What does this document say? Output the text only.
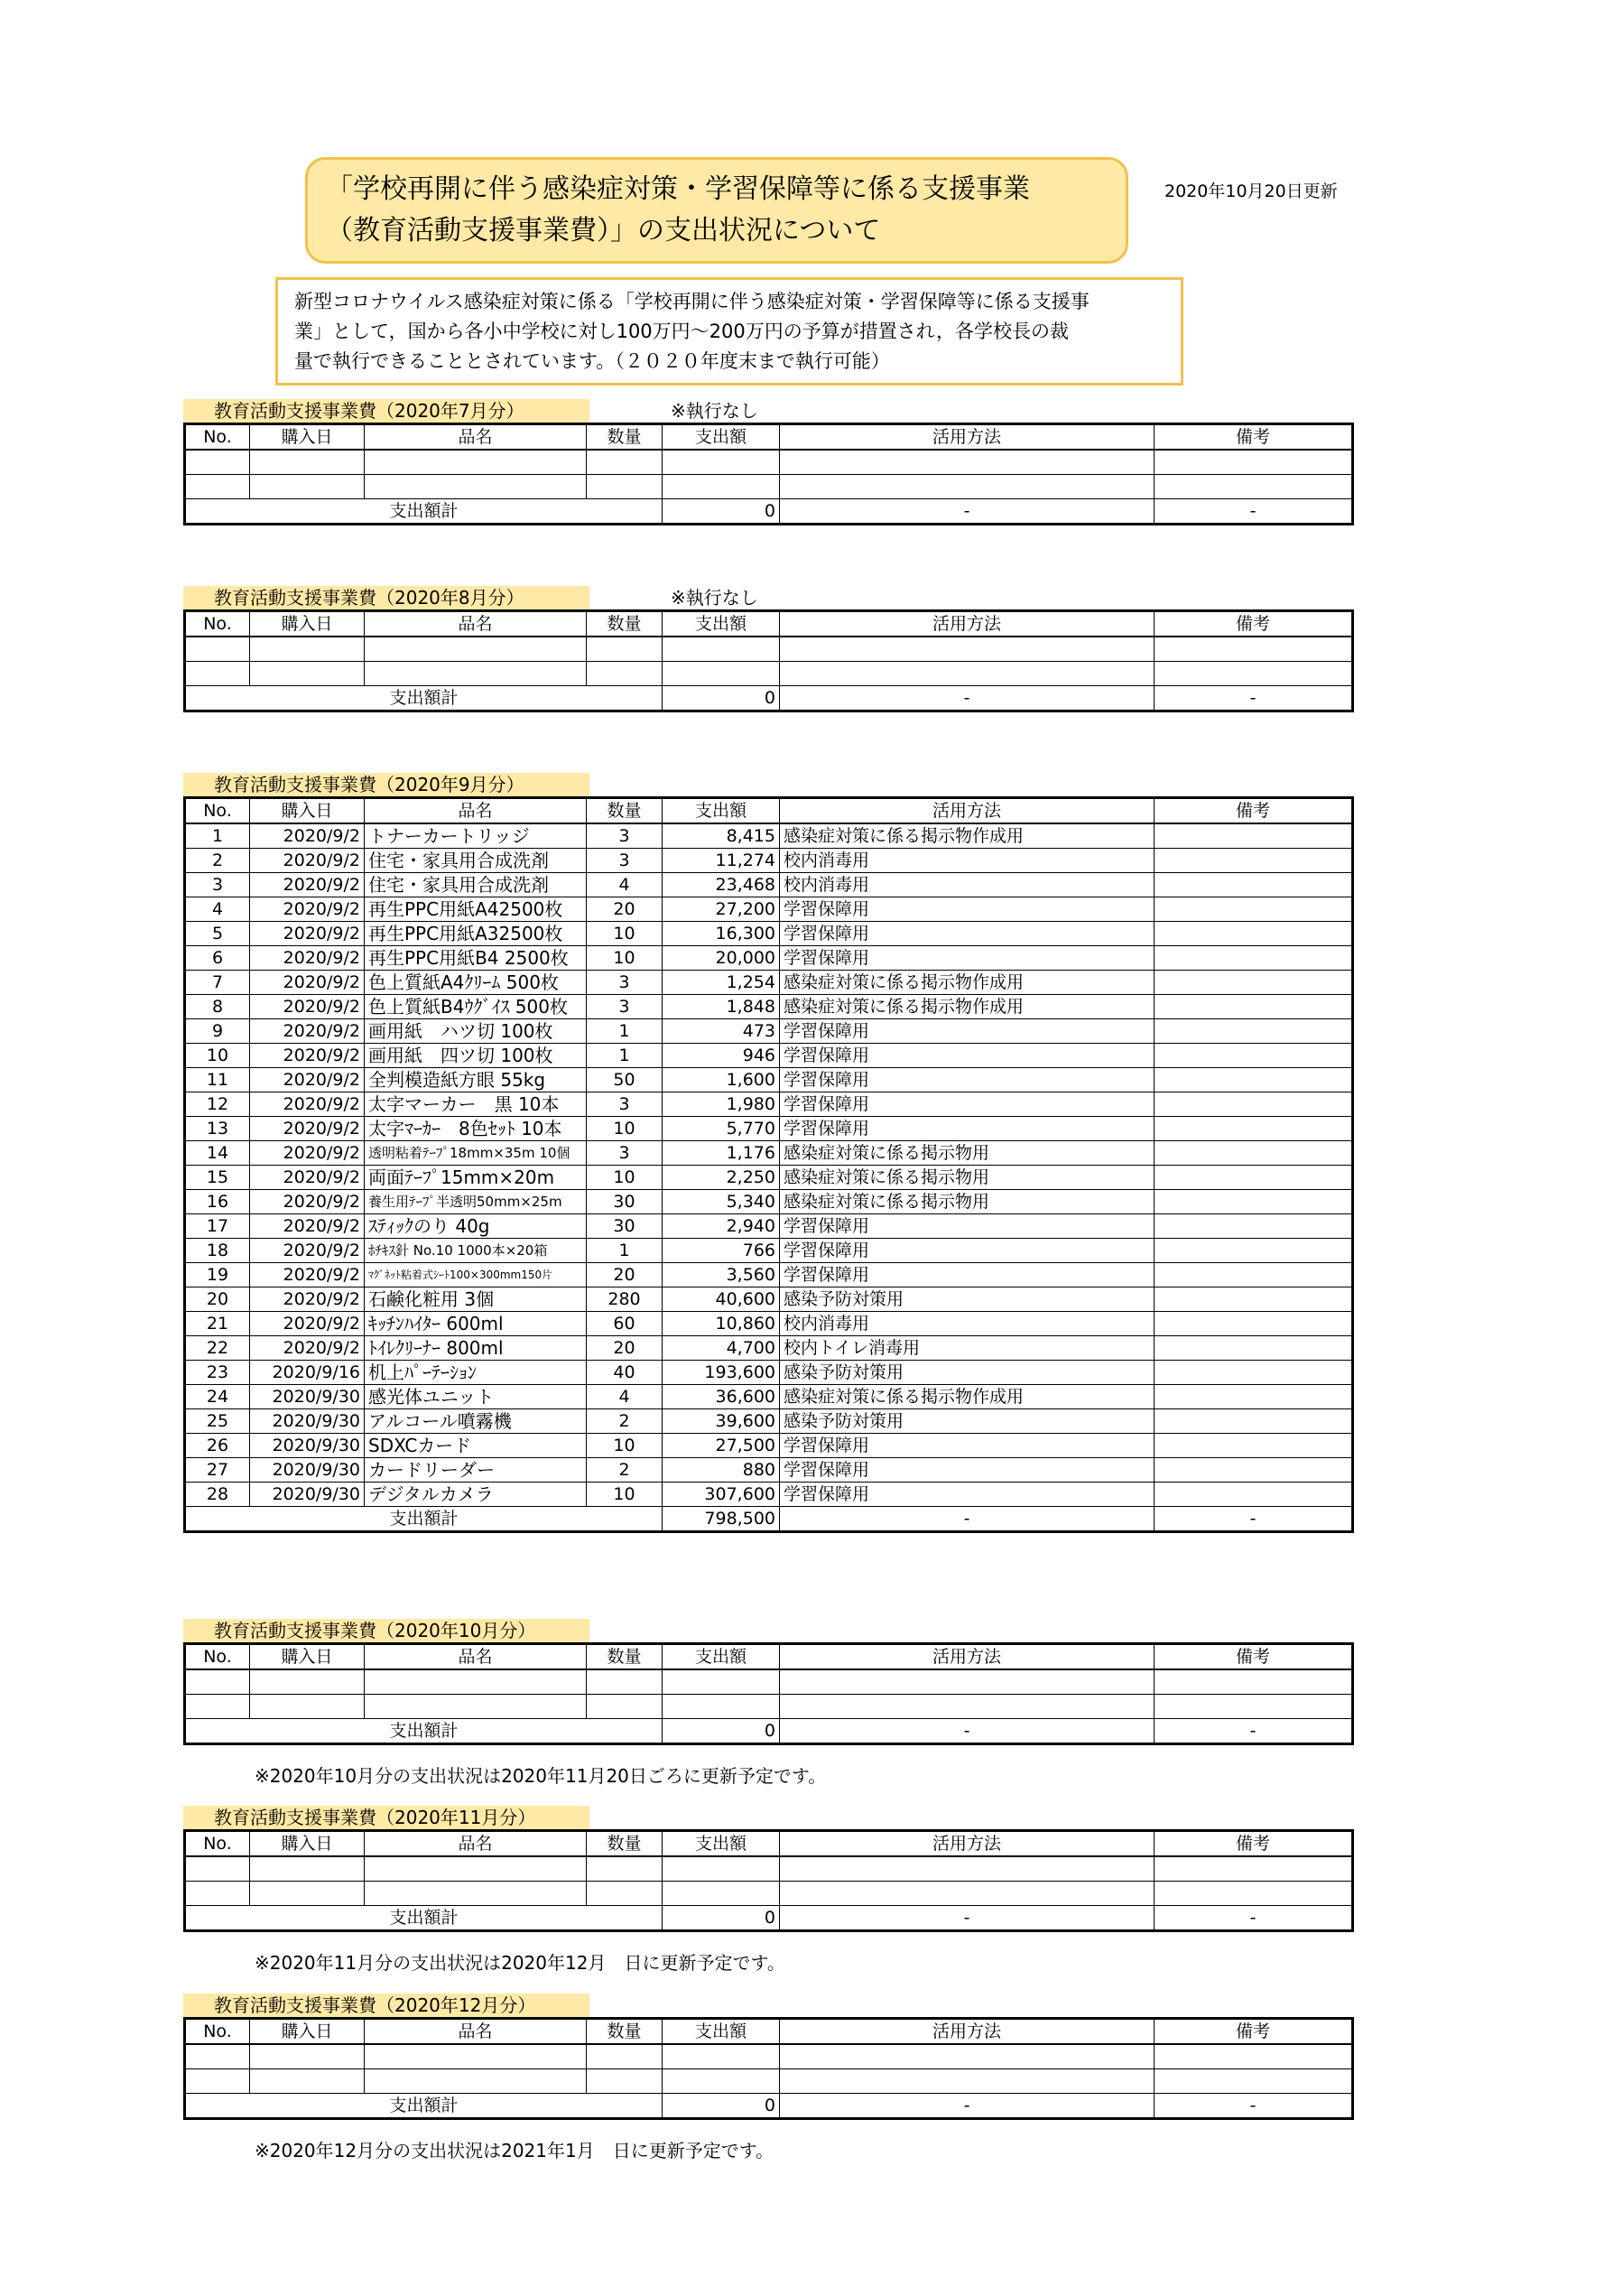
「学校再開に伴う感染症対策・学習保障等に係る支援事業
（教育活動支援事業費）」の支出状況について
2020年10月20日更新
新型コロナウイルス感染症対策に係る「学校再開に伴う感染症対策・学習保障等に係る支援事
業」として，国から各小中学校に対し100万円～200万円の予算が措置され，各学校長の裁
量で執行できることとされています。（２０２０年度末まで執行可能）
教育活動支援事業費（2020年7月分）	※執行なし
No.	購入日	品名	数量	支出額	活用方法	備考

支出額計				0	-	-
教育活動支援事業費（2020年8月分）	※執行なし
No.	購入日	品名	数量	支出額	活用方法	備考

支出額計				0	-	-
教育活動支援事業費（2020年9月分）
No.	購入日	品名	数量	支出額	活用方法	備考
1	2020/9/2	トナーカートリッジ	3	8,415	感染症対策に係る掲示物作成用	
2	2020/9/2	住宅・家具用合成洗剤	3	11,274	校内消毒用	
3	2020/9/2	住宅・家具用合成洗剤	4	23,468	校内消毒用	
4	2020/9/2	再生PPC用紙A42500枚	20	27,200	学習保障用	
5	2020/9/2	再生PPC用紙A32500枚	10	16,300	学習保障用	
6	2020/9/2	再生PPC用紙B4 2500枚	10	20,000	学習保障用	
7	2020/9/2	色上質紙A4ｸﾘｰﾑ 500枚	3	1,254	感染症対策に係る掲示物作成用	
8	2020/9/2	色上質紙B4ｳｸﾞｲｽ 500枚	3	1,848	感染症対策に係る掲示物作成用	
9	2020/9/2	画用紙　ハツ切 100枚	1	473	学習保障用	
10	2020/9/2	画用紙　四ツ切 100枚	1	946	学習保障用	
11	2020/9/2	全判模造紙方眼 55kg	50	1,600	学習保障用	
12	2020/9/2	太字マーカー　黒 10本	3	1,980	学習保障用	
13	2020/9/2	太字ﾏｰｶｰ　8色ｾｯﾄ 10本	10	5,770	学習保障用	
14	2020/9/2	透明粘着ﾃｰﾌﾟ18mm×35m 10個	3	1,176	感染症対策に係る掲示物用	
15	2020/9/2	両面ﾃｰﾌﾟ15mm×20m	10	2,250	感染症対策に係る掲示物用	
16	2020/9/2	養生用ﾃｰﾌﾟ半透明50mm×25m	30	5,340	感染症対策に係る掲示物用	
17	2020/9/2	ｽﾃｨｯｸのり 40g	30	2,940	学習保障用	
18	2020/9/2	ﾎﾁｷｽ針 No.10 1000本×20箱	1	766	学習保障用	
19	2020/9/2	ﾏｸﾞﾈｯﾄ粘着式ｼｰﾄ100×300mm150片	20	3,560	学習保障用	
20	2020/9/2	石鹸化粧用 3個	280	40,600	感染予防対策用	
21	2020/9/2	ｷｯﾁﾝﾊｲﾀｰ 600ml	60	10,860	校内消毒用	
22	2020/9/2	ﾄｲﾚｸﾘｰﾅｰ 800ml	20	4,700	校内トイレ消毒用	
23	2020/9/16	机上ﾊﾟｰﾃｰｼｮﾝ	40	193,600	感染予防対策用	
24	2020/9/30	感光体ユニット	4	36,600	感染症対策に係る掲示物作成用	
25	2020/9/30	アルコール噴霧機	2	39,600	感染予防対策用	
26	2020/9/30	SDXCカード	10	27,500	学習保障用	
27	2020/9/30	カードリーダー	2	880	学習保障用	
28	2020/9/30	デジタルカメラ	10	307,600	学習保障用	
支出額計				798,500	-	-
教育活動支援事業費（2020年10月分）
No.	購入日	品名	数量	支出額	活用方法	備考

支出額計				0	-	-
※2020年10月分の支出状況は2020年11月20日ごろに更新予定です。
教育活動支援事業費（2020年11月分）
No.	購入日	品名	数量	支出額	活用方法	備考

支出額計				0	-	-
※2020年11月分の支出状況は2020年12月　日に更新予定です。
教育活動支援事業費（2020年12月分）
No.	購入日	品名	数量	支出額	活用方法	備考

支出額計				0	-	-
※2020年12月分の支出状況は2021年1月　日に更新予定です。
